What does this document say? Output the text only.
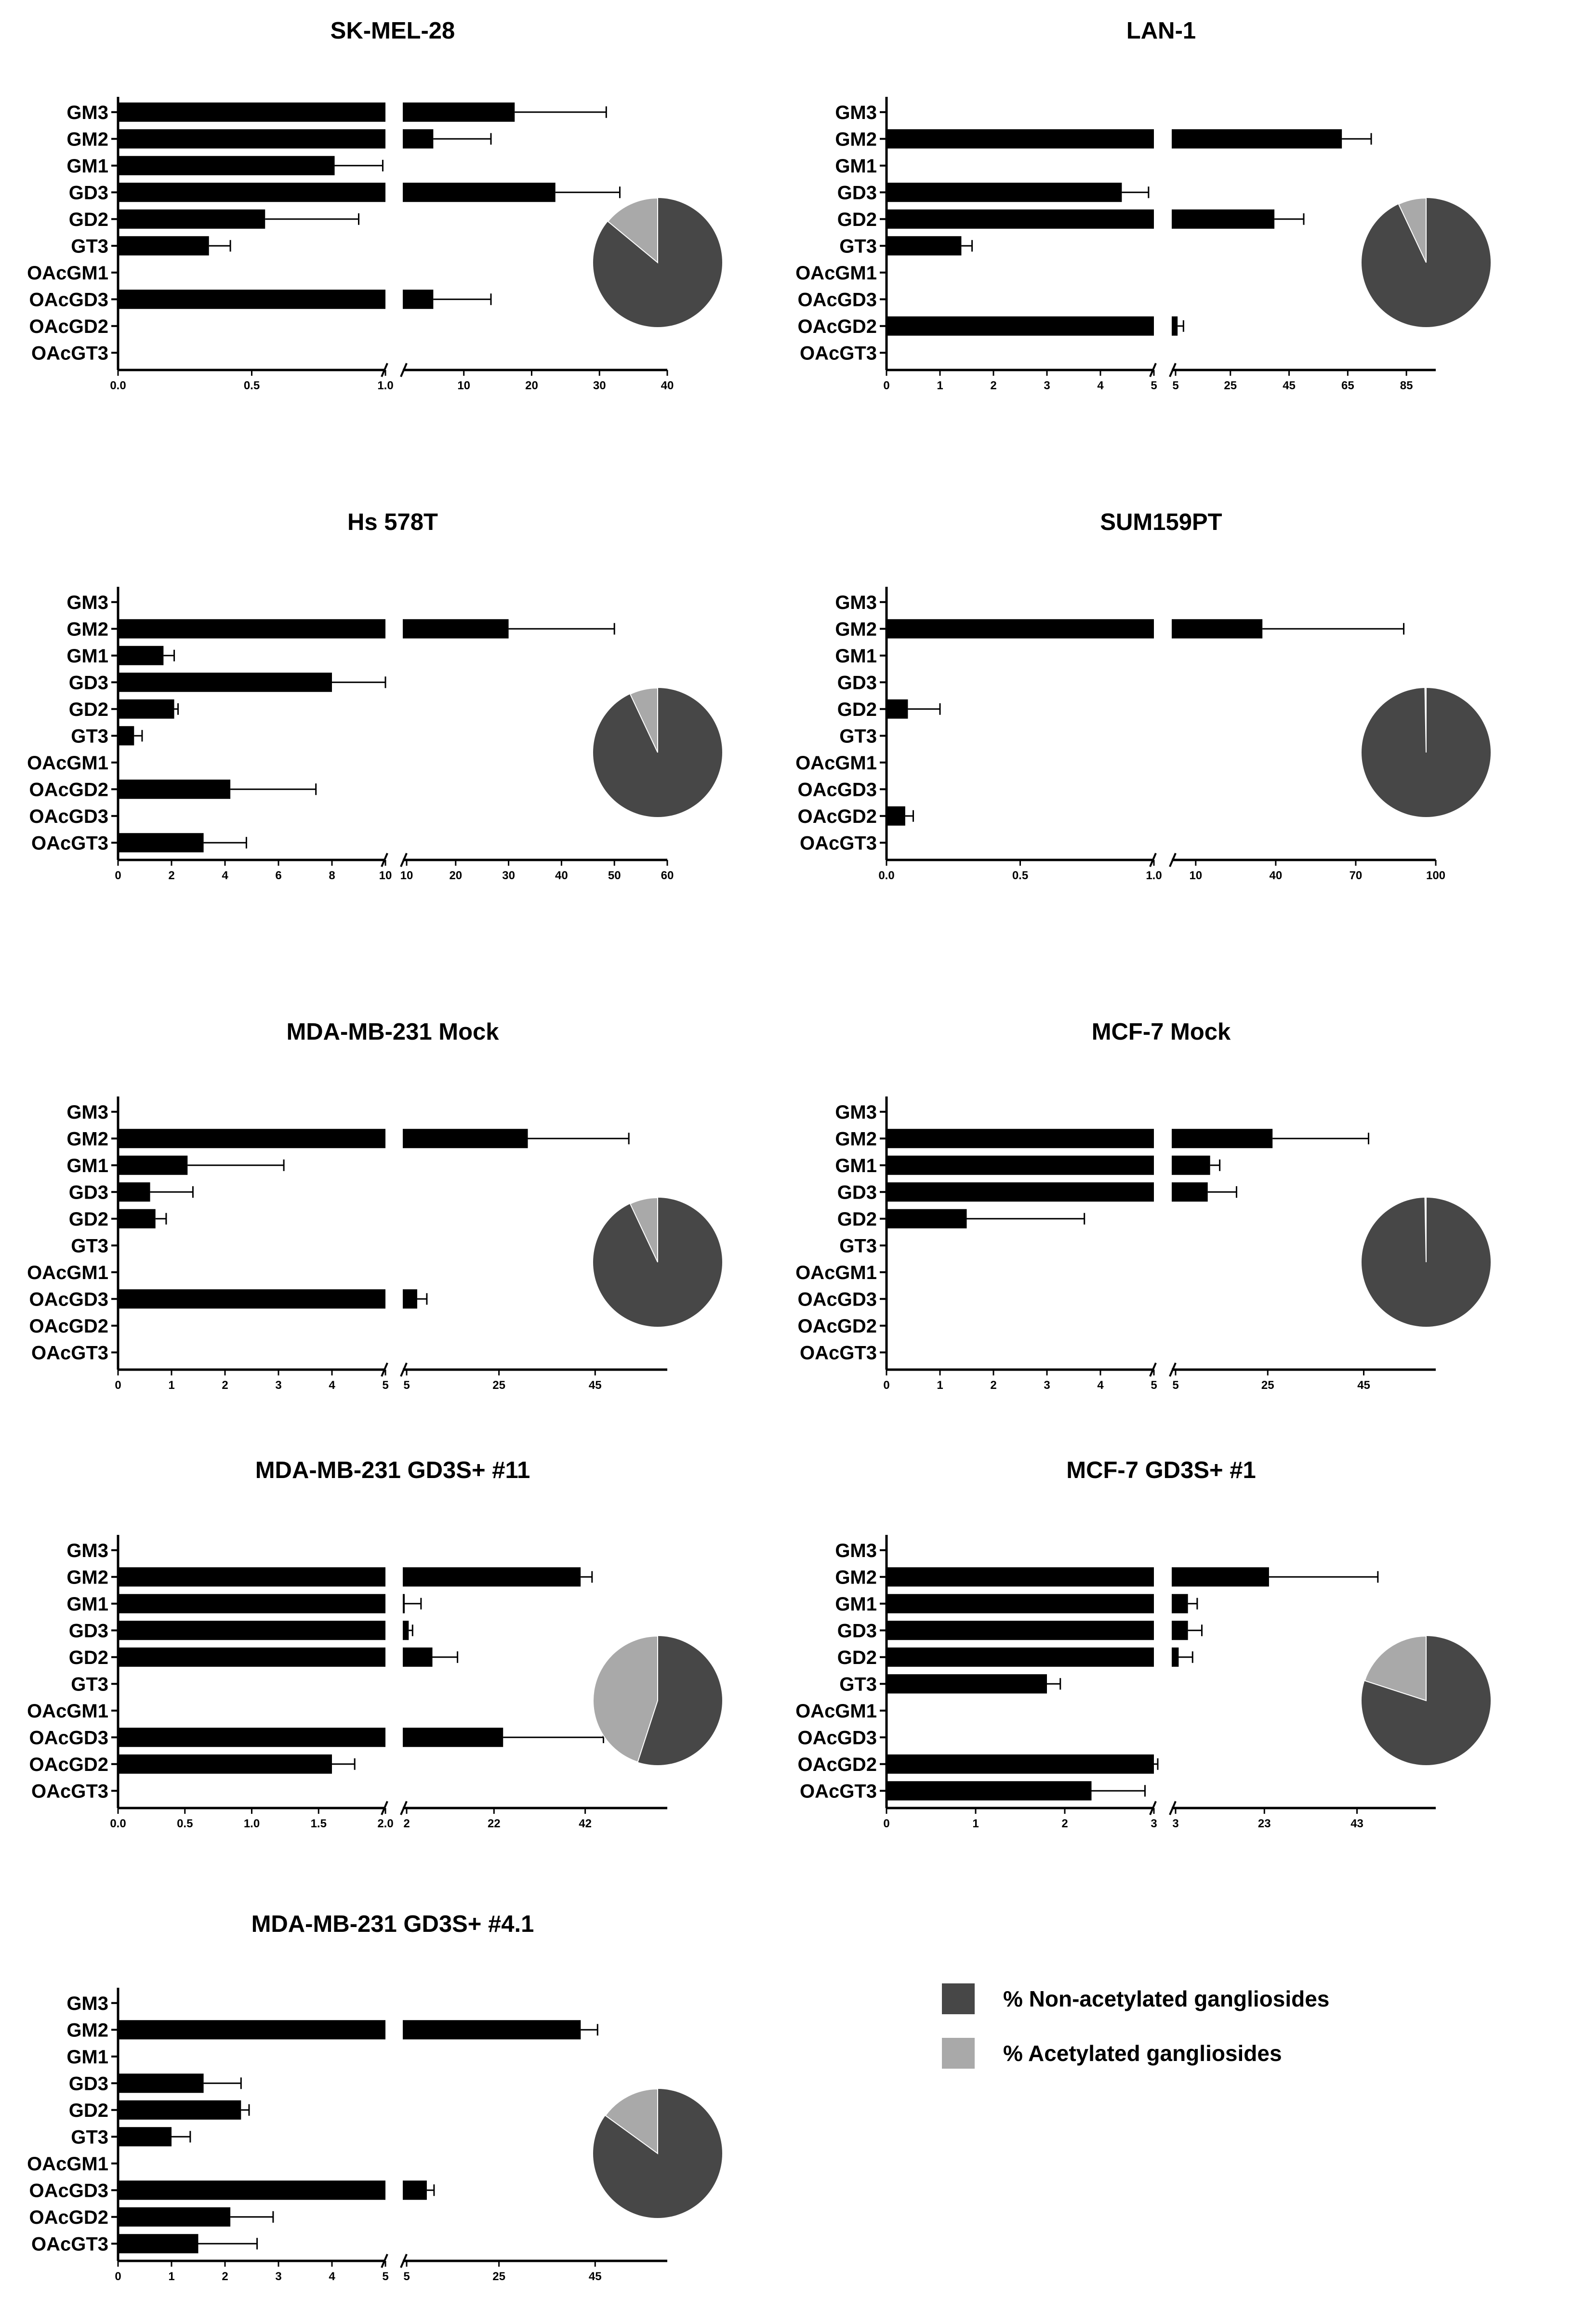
SK-MEL-28
GM3
GM2
GM1
GD3
GD2
GT3
OAcGM1
OAcGD3
OAcGD2
OAcGT3
0.0	0.5	1.0	10	20	30	40
LAN-1
GM3
GM2
GM1
GD3
GD2
GT3
OAcGM1
OAcGD3
OAcGD2
OAcGT3
0	1	2	3	4	5 5	25	45	65	85
Hs 578T
GM3
GM2
GM1
GD3
GD2
GT3
OAcGM1
OAcGD2
OAcGD3
OAcGT3
0	2	4	6	8	10 10	20	30	40	50	60
SUM159PT
GM3
GM2
GM1
GD3
GD2
GT3
OAcGM1
OAcGD3
OAcGD2
OAcGT3
0.0	0.5	1.0 10	40	70	100
MDA-MB-231 Mock
GM3
GM2
GM1
GD3
GD2
GT3
OAcGM1
OAcGD3
OAcGD2
OAcGT3
0	1	2	3	4	5 5	25	45
MCF-7 Mock
GM3
GM2
GM1
GD3
GD2
GT3
OAcGM1
OAcGD3
OAcGD2
OAcGT3
0	1	2	3	4	5 5	25	45
MDA-MB-231 GD3S+ #11
GM3
GM2
GM1
GD3
GD2
GT3
OAcGM1
OAcGD3
OAcGD2
OAcGT3
0.0	0.5	1.0	1.5	2.0 2	22	42
MCF-7 GD3S+ #1
GM3
GM2
GM1
GD3
GD2
GT3
OAcGM1
OAcGD3
OAcGD2
OAcGT3
0	1	2	3 3	23	43
MDA-MB-231 GD3S+ #4.1
GM3
GM2
GM1
GD3
GD2
GT3
OAcGM1
OAcGD3
OAcGD2
OAcGT3
0	1	2	3	4	5 5	25	45
% Non-acetylated gangliosides
% Acetylated gangliosides
